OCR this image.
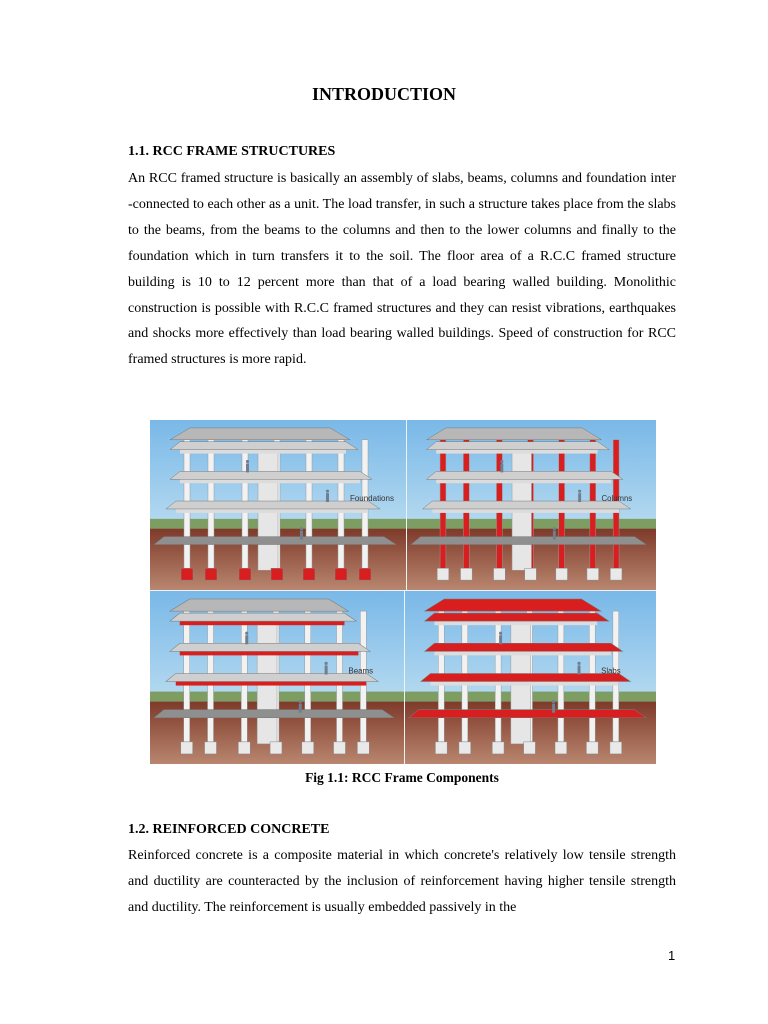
INTRODUCTION
1.1. RCC FRAME STRUCTURES
An RCC framed structure is basically an assembly of slabs, beams, columns and foundation inter -connected to each other as a unit. The load transfer, in such a structure takes place from the slabs to the beams, from the beams to the columns and then to the lower columns and finally to the foundation which in turn transfers it to the soil. The floor area of a R.C.C framed structure building is 10 to 12 percent more than that of a load bearing walled building. Monolithic construction is possible with R.C.C framed structures and they can resist vibrations, earthquakes and shocks more effectively than load bearing walled buildings. Speed of construction for RCC framed structures is more rapid.
Foundations	Columns
Beams	Slabs
Fig 1.1: RCC Frame Components
1.2. REINFORCED CONCRETE
Reinforced concrete is a composite material in which concrete's relatively low tensile strength and ductility are counteracted by the inclusion of reinforcement having higher tensile strength and ductility. The reinforcement is usually embedded passively in the
1
